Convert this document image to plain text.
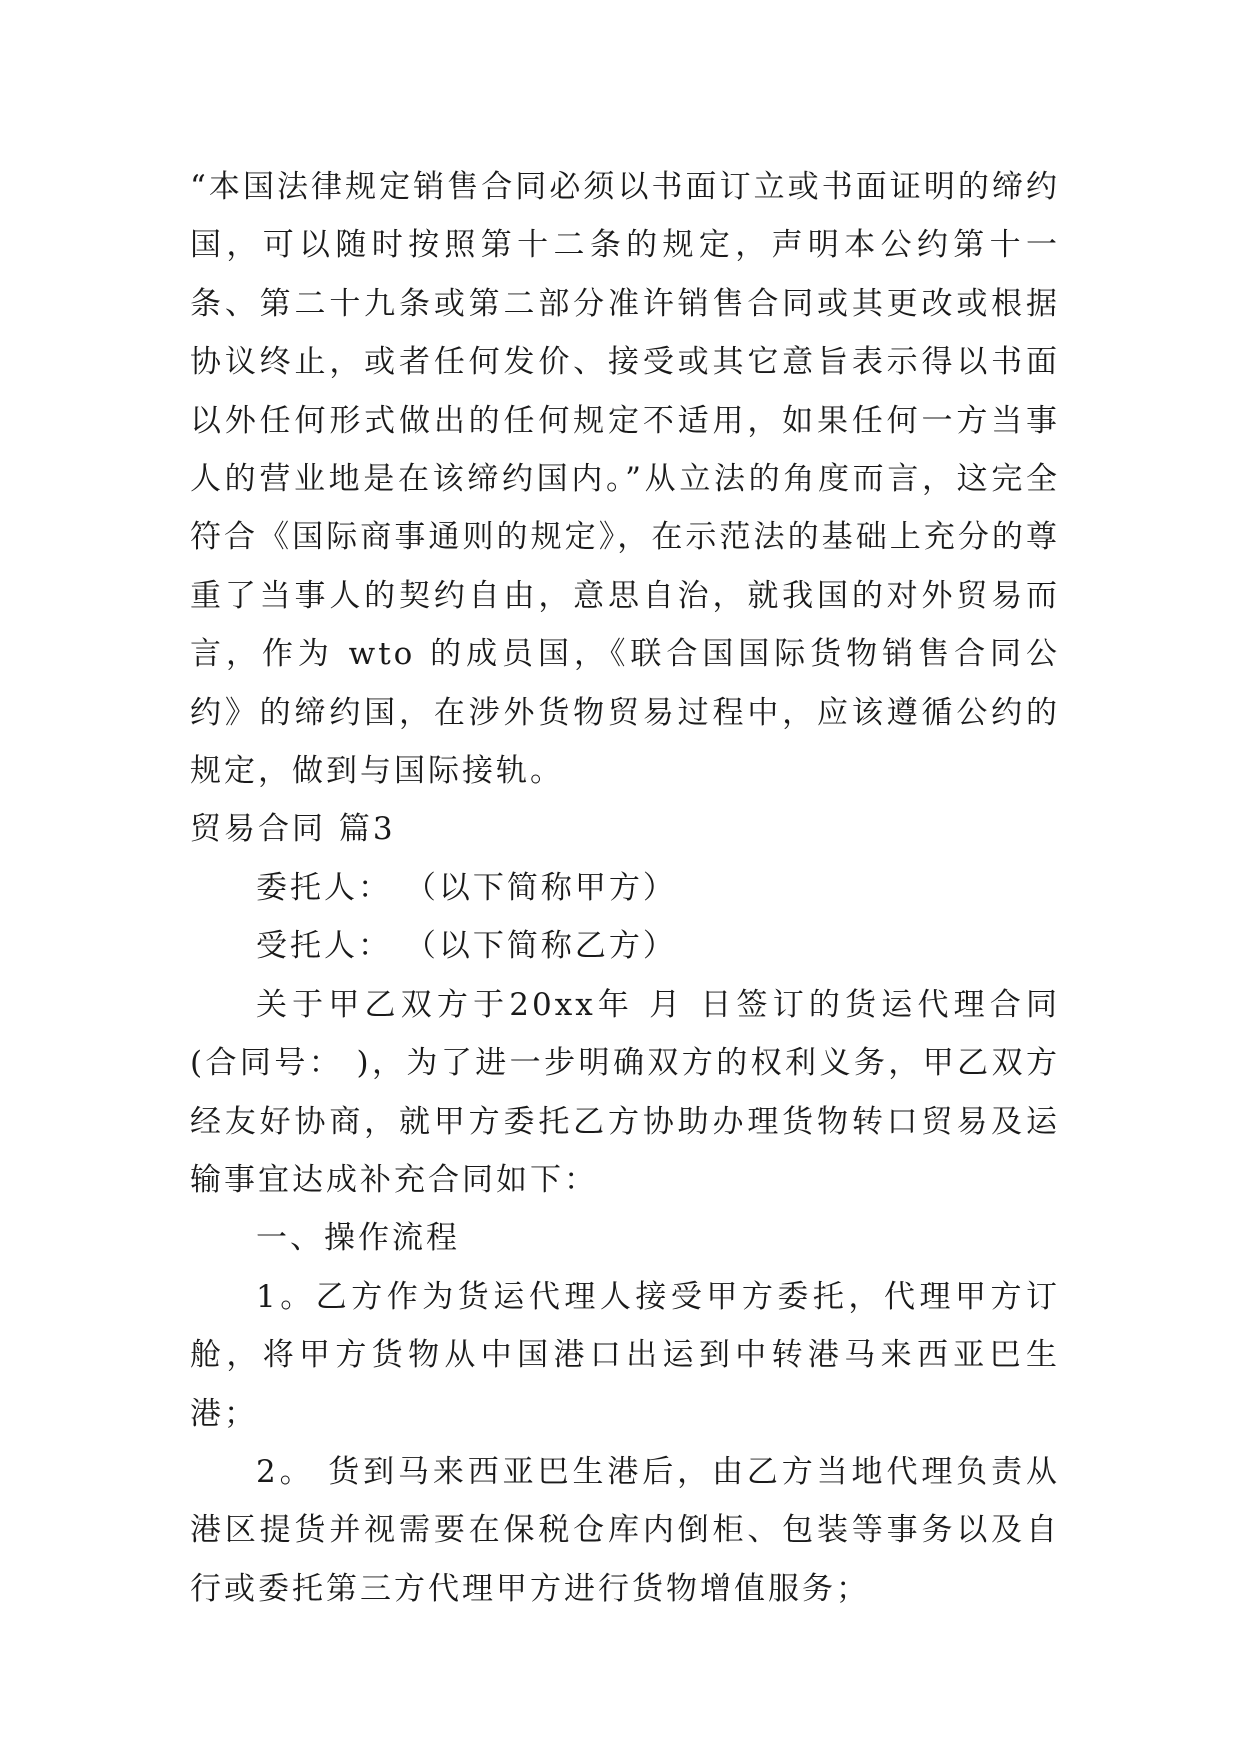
“本国法律规定销售合同必须以书面订立或书面证明的缔约国，可以随时按照第十二条的规定，声明本公约第十一条、第二十九条或第二部分准许销售合同或其更改或根据协议终止，或者任何发价、接受或其它意旨表示得以书面以外任何形式做出的任何规定不适用，如果任何一方当事人的营业地是在该缔约国内。”从立法的角度而言，这完全符合《国际商事通则的规定》，在示范法的基础上充分的尊重了当事人的契约自由，意思自治，就我国的对外贸易而言，作为 wto 的成员国，《联合国国际货物销售合同公约》的缔约国，在涉外货物贸易过程中，应该遵循公约的规定，做到与国际接轨。

贸易合同 篇3

委托人： （以下简称甲方）

受托人： （以下简称乙方）

关于甲乙双方于20xx年 月 日签订的货运代理合同(合同号： )，为了进一步明确双方的权利义务，甲乙双方经友好协商，就甲方委托乙方协助办理货物转口贸易及运输事宜达成补充合同如下：

一、操作流程

1。乙方作为货运代理人接受甲方委托，代理甲方订舱，将甲方货物从中国港口出运到中转港马来西亚巴生港；

2。 货到马来西亚巴生港后，由乙方当地代理负责从港区提货并视需要在保税仓库内倒柜、包装等事务以及自行或委托第三方代理甲方进行货物增值服务；
